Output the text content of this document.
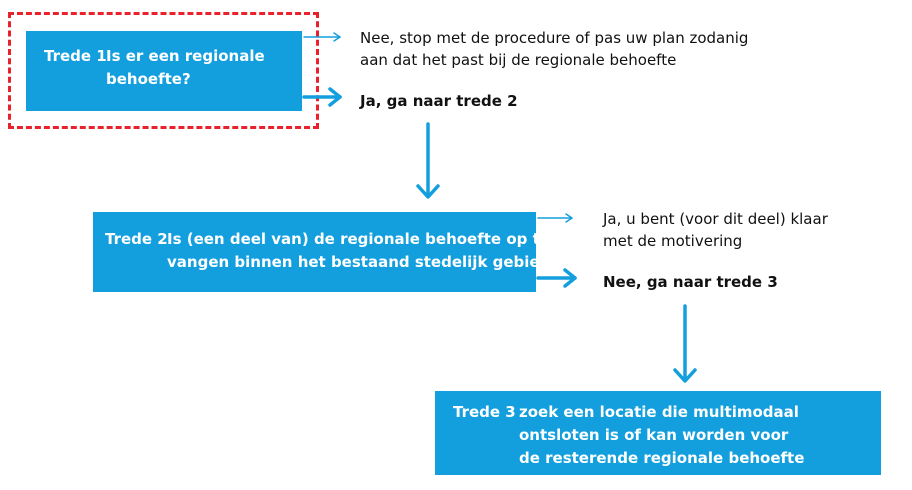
Trede 1 Is er een regionale
behoefte?
Nee, stop met de procedure of pas uw plan zodanig
aan dat het past bij de regionale behoefte
Ja, ga naar trede 2
Trede 2 Is (een deel van) de regionale behoefte op te
vangen binnen het bestaand stedelijk gebied
Ja, u bent (voor dit deel) klaar
met de motivering
Nee, ga naar trede 3
Trede 3 zoek een locatie die multimodaal
ontsloten is of kan worden voor
de resterende regionale behoefte
